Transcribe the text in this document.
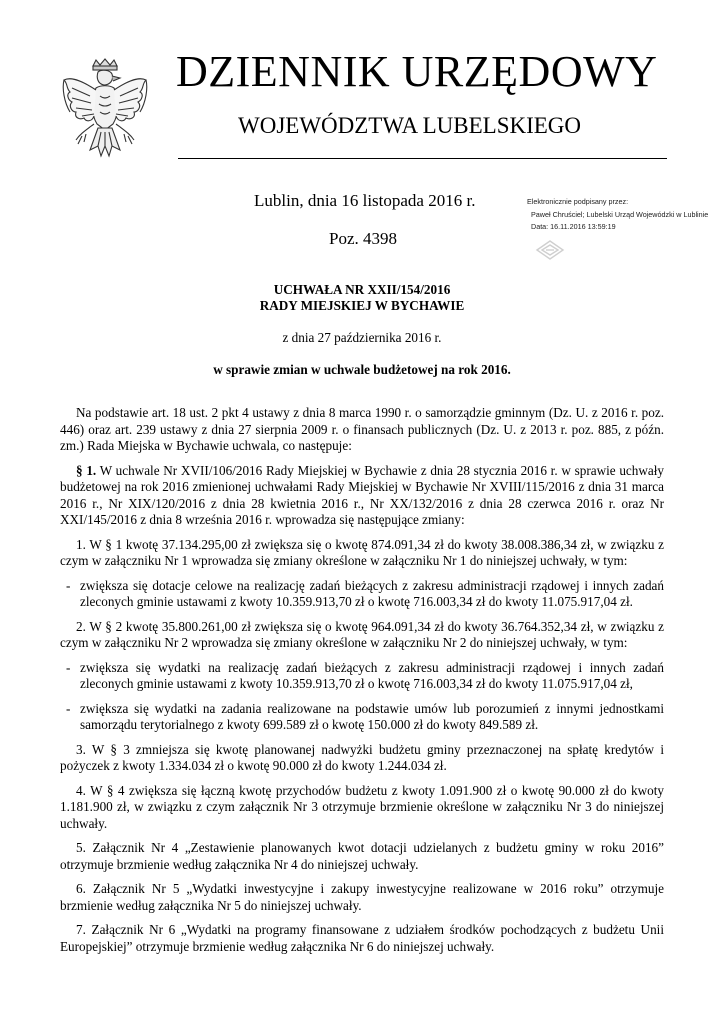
DZIENNIK URZĘDOWY
WOJEWÓDZTWA LUBELSKIEGO
Lublin, dnia 16 listopada 2016 r.
Poz. 4398
Elektronicznie podpisany przez:
Paweł Chruściel; Lubelski Urząd Wojewódzki w Lublinie
Data: 16.11.2016 13:59:19
UCHWAŁA NR XXII/154/2016
RADY MIEJSKIEJ W BYCHAWIE
z dnia 27 października 2016 r.
w sprawie zmian w uchwale budżetowej na rok 2016.

Na podstawie art. 18 ust. 2 pkt 4 ustawy z dnia 8 marca 1990 r. o samorządzie gminnym (Dz. U. z 2016 r. poz. 446) oraz art. 239 ustawy z dnia 27 sierpnia 2009 r. o finansach publicznych (Dz. U. z 2013 r. poz. 885, z późn. zm.) Rada Miejska w Bychawie uchwala, co następuje:

§ 1. W uchwale Nr XVII/106/2016 Rady Miejskiej w Bychawie z dnia 28 stycznia 2016 r. w sprawie uchwały budżetowej na rok 2016 zmienionej uchwałami Rady Miejskiej w Bychawie Nr XVIII/115/2016 z dnia 31 marca 2016 r., Nr XIX/120/2016 z dnia 28 kwietnia 2016 r., Nr XX/132/2016 z dnia 28 czerwca 2016 r. oraz Nr XXI/145/2016 z dnia 8 września 2016 r. wprowadza się następujące zmiany:

1. W § 1 kwotę 37.134.295,00 zł zwiększa się o kwotę 874.091,34 zł do kwoty 38.008.386,34 zł, w związku z czym w załączniku Nr 1 wprowadza się zmiany określone w załączniku Nr 1 do niniejszej uchwały, w tym:

- zwiększa się dotacje celowe na realizację zadań bieżących z zakresu administracji rządowej i innych zadań zleconych gminie ustawami z kwoty 10.359.913,70 zł o kwotę 716.003,34 zł do kwoty 11.075.917,04 zł.

2. W § 2 kwotę 35.800.261,00 zł zwiększa się o kwotę 964.091,34 zł do kwoty 36.764.352,34 zł, w związku z czym w załączniku Nr 2 wprowadza się zmiany określone w załączniku Nr 2 do niniejszej uchwały, w tym:

- zwiększa się wydatki na realizację zadań bieżących z zakresu administracji rządowej i innych zadań zleconych gminie ustawami z kwoty 10.359.913,70 zł o kwotę 716.003,34 zł do kwoty 11.075.917,04 zł,

- zwiększa się wydatki na zadania realizowane na podstawie umów lub porozumień z innymi jednostkami samorządu terytorialnego z kwoty 699.589 zł o kwotę 150.000 zł do kwoty 849.589 zł.

3. W § 3 zmniejsza się kwotę planowanej nadwyżki budżetu gminy przeznaczonej na spłatę kredytów i pożyczek z kwoty 1.334.034 zł o kwotę 90.000 zł do kwoty 1.244.034 zł.

4. W § 4 zwiększa się łączną kwotę przychodów budżetu z kwoty 1.091.900 zł o kwotę 90.000 zł do kwoty 1.181.900 zł, w związku z czym załącznik Nr 3 otrzymuje brzmienie określone w załączniku Nr 3 do niniejszej uchwały.

5. Załącznik Nr 4 „Zestawienie planowanych kwot dotacji udzielanych z budżetu gminy w roku 2016” otrzymuje brzmienie według załącznika Nr 4 do niniejszej uchwały.

6. Załącznik Nr 5 „Wydatki inwestycyjne i zakupy inwestycyjne realizowane w 2016 roku” otrzymuje brzmienie według załącznika Nr 5 do niniejszej uchwały.

7. Załącznik Nr 6 „Wydatki na programy finansowane z udziałem środków pochodzących z budżetu Unii Europejskiej” otrzymuje brzmienie według załącznika Nr 6 do niniejszej uchwały.
